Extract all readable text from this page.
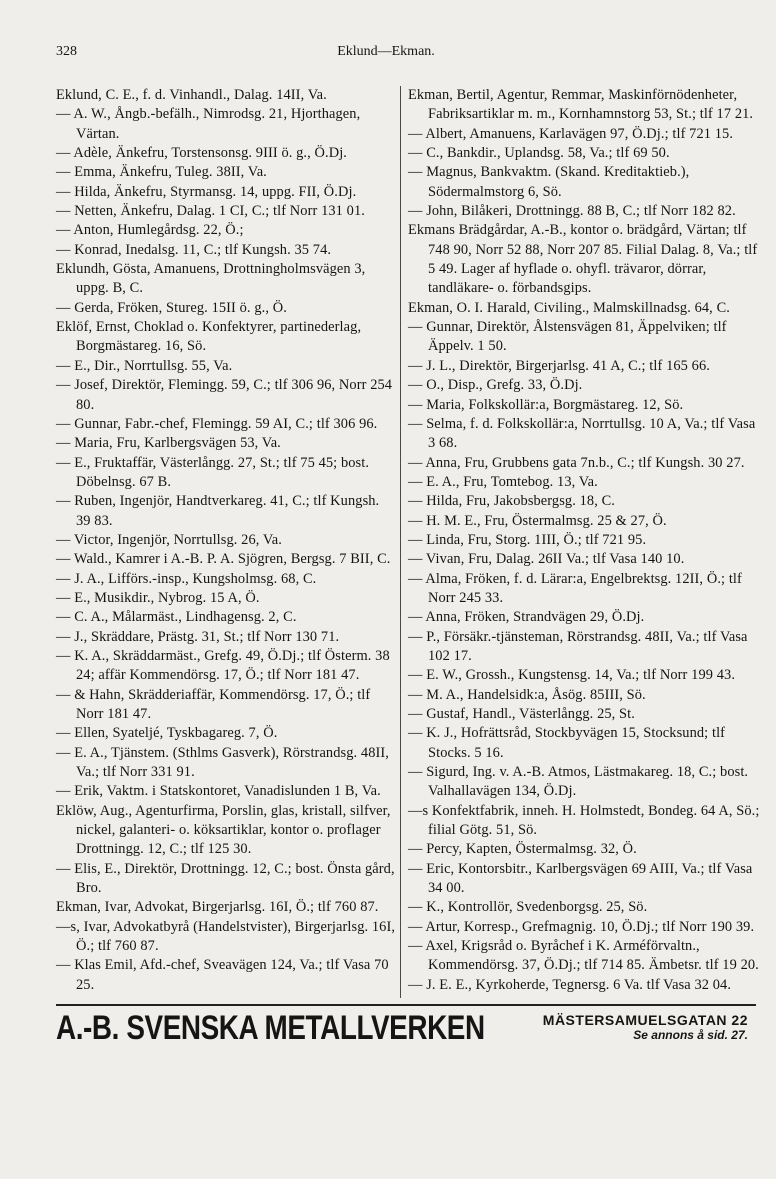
328	Eklund—Ekman.

Eklund, C. E., f. d. Vinhandl., Dalag. 14II, Va.

— A. W., Ångb.-befälh., Nimrodsg. 21, Hjorthagen, Värtan.

— Adèle, Änkefru, Torstensonsg. 9III ö. g., Ö.Dj.

— Emma, Änkefru, Tuleg. 38II, Va.

— Hilda, Änkefru, Styrmansg. 14, uppg. FII, Ö.Dj.

— Netten, Änkefru, Dalag. 1 CI, C.; tlf Norr 131 01.

— Anton, Humlegårdsg. 22, Ö.;

— Konrad, Inedalsg. 11, C.; tlf Kungsh. 35 74.

Eklundh, Gösta, Amanuens, Drottningholmsvägen 3, uppg. B, C.

— Gerda, Fröken, Stureg. 15II ö. g., Ö.

Eklöf, Ernst, Choklad o. Konfektyrer, partinederlag, Borgmästareg. 16, Sö.

— E., Dir., Norrtullsg. 55, Va.

— Josef, Direktör, Flemingg. 59, C.; tlf 306 96, Norr 254 80.

— Gunnar, Fabr.-chef, Flemingg. 59 AI, C.; tlf 306 96.

— Maria, Fru, Karlbergsvägen 53, Va.

— E., Fruktaffär, Västerlångg. 27, St.; tlf 75 45; bost. Döbelnsg. 67 B.

— Ruben, Ingenjör, Handtverkareg. 41, C.; tlf Kungsh. 39 83.

— Victor, Ingenjör, Norrtullsg. 26, Va.

— Wald., Kamrer i A.-B. P. A. Sjögren, Bergsg. 7 BII, C.

— J. A., Lifförs.-insp., Kungsholmsg. 68, C.

— E., Musikdir., Nybrog. 15 A, Ö.

— C. A., Målarmäst., Lindhagensg. 2, C.

— J., Skräddare, Prästg. 31, St.; tlf Norr 130 71.

— K. A., Skräddarmäst., Grefg. 49, Ö.Dj.; tlf Österm. 38 24; affär Kommendörsg. 17, Ö.; tlf Norr 181 47.

— & Hahn, Skrädderiaffär, Kommendörsg. 17, Ö.; tlf Norr 181 47.

— Ellen, Syateljé, Tyskbagareg. 7, Ö.

— E. A., Tjänstem. (Sthlms Gasverk), Rörstrandsg. 48II, Va.; tlf Norr 331 91.

— Erik, Vaktm. i Statskontoret, Vanadislunden 1 B, Va.

Eklöw, Aug., Agenturfirma, Porslin, glas, kristall, silfver, nickel, galanteri- o. köksartiklar, kontor o. proflager Drottningg. 12, C.; tlf 125 30.

— Elis, E., Direktör, Drottningg. 12, C.; bost. Önsta gård, Bro.

Ekman, Ivar, Advokat, Birgerjarlsg. 16I, Ö.; tlf 760 87.

—s, Ivar, Advokatbyrå (Handelstvister), Birgerjarlsg. 16I, Ö.; tlf 760 87.

— Klas Emil, Afd.-chef, Sveavägen 124, Va.; tlf Vasa 70 25.

Ekman, Bertil, Agentur, Remmar, Maskinförnödenheter, Fabriksartiklar m. m., Kornhamnstorg 53, St.; tlf 17 21.

— Albert, Amanuens, Karlavägen 97, Ö.Dj.; tlf 721 15.

— C., Bankdir., Uplandsg. 58, Va.; tlf 69 50.

— Magnus, Bankvaktm. (Skand. Kreditaktieb.), Södermalmstorg 6, Sö.

— John, Bilåkeri, Drottningg. 88 B, C.; tlf Norr 182 82.

Ekmans Brädgårdar, A.-B., kontor o. brädgård, Värtan; tlf 748 90, Norr 52 88, Norr 207 85. Filial Dalag. 8, Va.; tlf 5 49. Lager af hyflade o. ohyfl. trävaror, dörrar, tandläkare- o. förbandsgips.

Ekman, O. I. Harald, Civiling., Malmskillnadsg. 64, C.

— Gunnar, Direktör, Ålstensvägen 81, Äppelviken; tlf Äppelv. 1 50.

— J. L., Direktör, Birgerjarlsg. 41 A, C.; tlf 165 66.

— O., Disp., Grefg. 33, Ö.Dj.

— Maria, Folkskollär:a, Borgmästareg. 12, Sö.

— Selma, f. d. Folkskollär:a, Norrtullsg. 10 A, Va.; tlf Vasa 3 68.

— Anna, Fru, Grubbens gata 7n.b., C.; tlf Kungsh. 30 27.

— E. A., Fru, Tomtebog. 13, Va.

— Hilda, Fru, Jakobsbergsg. 18, C.

— H. M. E., Fru, Östermalmsg. 25 & 27, Ö.

— Linda, Fru, Storg. 1III, Ö.; tlf 721 95.

— Vivan, Fru, Dalag. 26II Va.; tlf Vasa 140 10.

— Alma, Fröken, f. d. Lärar:a, Engelbrektsg. 12II, Ö.; tlf Norr 245 33.

— Anna, Fröken, Strandvägen 29, Ö.Dj.

— P., Försäkr.-tjänsteman, Rörstrandsg. 48II, Va.; tlf Vasa 102 17.

— E. W., Grossh., Kungstensg. 14, Va.; tlf Norr 199 43.

— M. A., Handelsidk:a, Åsög. 85III, Sö.

— Gustaf, Handl., Västerlångg. 25, St.

— K. J., Hofrättsråd, Stockbyvägen 15, Stocksund; tlf Stocks. 5 16.

— Sigurd, Ing. v. A.-B. Atmos, Lästmakareg. 18, C.; bost. Valhallavägen 134, Ö.Dj.

—s Konfektfabrik, inneh. H. Holmstedt, Bondeg. 64 A, Sö.; filial Götg. 51, Sö.

— Percy, Kapten, Östermalmsg. 32, Ö.

— Eric, Kontorsbitr., Karlbergsvägen 69 AIII, Va.; tlf Vasa 34 00.

— K., Kontrollör, Svedenborgsg. 25, Sö.

— Artur, Korresp., Grefmagnig. 10, Ö.Dj.; tlf Norr 190 39.

— Axel, Krigsråd o. Byråchef i K. Arméförvaltn., Kommendörsg. 37, Ö.Dj.; tlf 714 85. Ämbetsr. tlf 19 20.

— J. E. E., Kyrkoherde, Tegnersg. 6 Va. tlf Vasa 32 04.

A.-B. SVENSKA METALLVERKEN	MÄSTERSAMUELSGATAN 22
Se annons å sid. 27.
